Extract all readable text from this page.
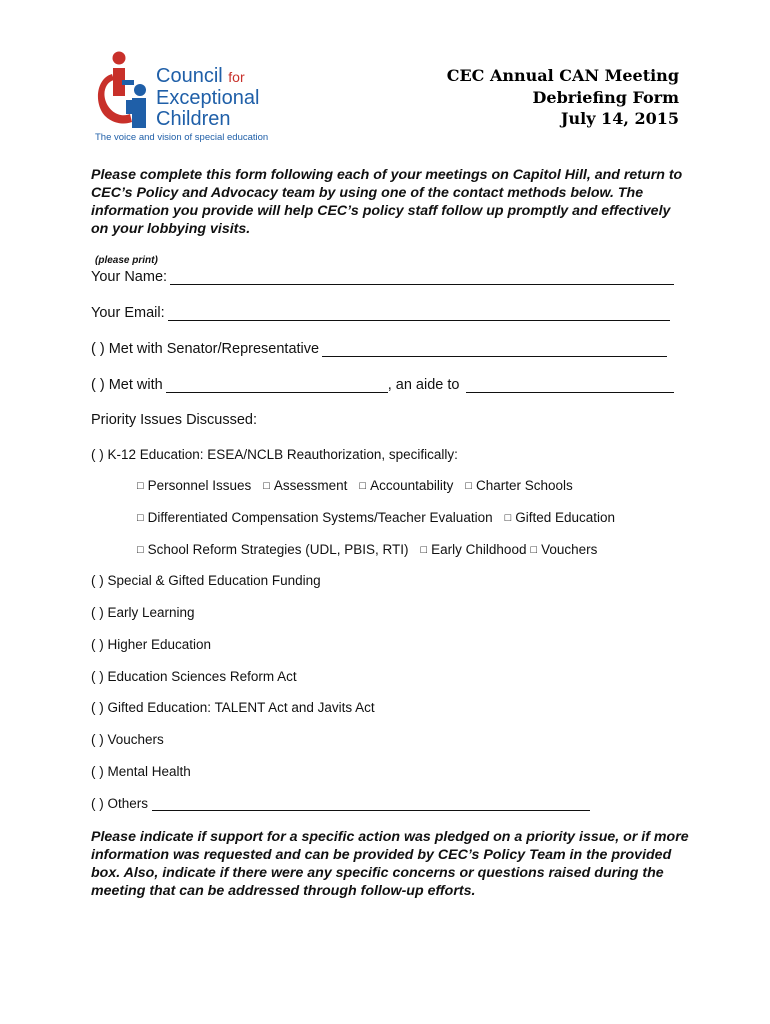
Council for
Exceptional
Children
The voice and vision of special education
CEC Annual CAN Meeting
Debriefing Form
July 14, 2015
Please complete this form following each of your meetings on Capitol Hill, and return to CEC’s Policy and Advocacy team by using one of the contact methods below. The information you provide will help CEC’s policy staff follow up promptly and effectively on your lobbying visits.
(please print)
Your Name:
Your Email:
( ) Met with Senator/Representative
( ) Met with	, an aide to
Priority Issues Discussed:
( ) K-12 Education: ESEA/NCLB Reauthorization, specifically:
□ Personnel Issues □ Assessment □ Accountability □ Charter Schools
□ Differentiated Compensation Systems/Teacher Evaluation □ Gifted Education
□ School Reform Strategies (UDL, PBIS, RTI) □ Early Childhood □ Vouchers
( ) Special & Gifted Education Funding
( ) Early Learning
( ) Higher Education
( ) Education Sciences Reform Act
( ) Gifted Education: TALENT Act and Javits Act
( ) Vouchers
( ) Mental Health
( ) Others
Please indicate if support for a specific action was pledged on a priority issue, or if more information was requested and can be provided by CEC’s Policy Team in the provided box. Also, indicate if there were any specific concerns or questions raised during the meeting that can be addressed through follow-up efforts.
